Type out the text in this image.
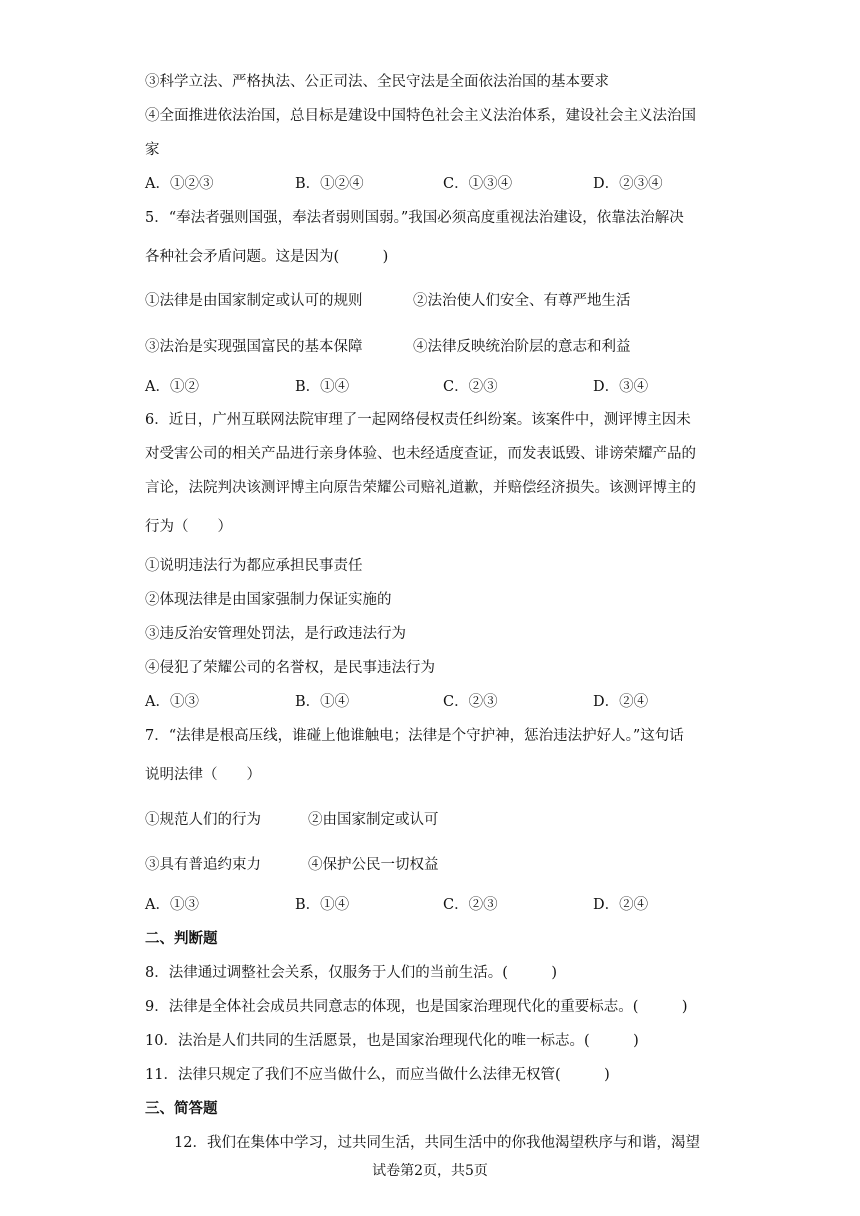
③科学立法、严格执法、公正司法、全民守法是全面依法治国的基本要求
④全面推进依法治国，总目标是建设中国特色社会主义法治体系，建设社会主义法治国
家
A．①②③	B．①②④	C．①③④	D．②③④
5．“奉法者强则国强，奉法者弱则国弱。”我国必须高度重视法治建设，依靠法治解决
各种社会矛盾问题。这是因为(　　　)
①法律是由国家制定或认可的规则	②法治使人们安全、有尊严地生活
③法治是实现强国富民的基本保障	④法律反映统治阶层的意志和利益
A．①②	B．①④	C．②③	D．③④
6．近日，广州互联网法院审理了一起网络侵权责任纠纷案。该案件中，测评博主因未
对受害公司的相关产品进行亲身体验、也未经适度查证，而发表诋毁、诽谤荣耀产品的
言论，法院判决该测评博主向原告荣耀公司赔礼道歉，并赔偿经济损失。该测评博主的
行为（　　）
①说明违法行为都应承担民事责任
②体现法律是由国家强制力保证实施的
③违反治安管理处罚法，是行政违法行为
④侵犯了荣耀公司的名誉权，是民事违法行为
A．①③	B．①④	C．②③	D．②④
7．“法律是根高压线，谁碰上他谁触电；法律是个守护神，惩治违法护好人。”这句话
说明法律（　　）
①规范人们的行为	②由国家制定或认可
③具有普追约束力	④保护公民一切权益
A．①③	B．①④	C．②③	D．②④
二、判断题
8．法律通过调整社会关系，仅服务于人们的当前生活。(　　　)
9．法律是全体社会成员共同意志的体现，也是国家治理现代化的重要标志。(　　　)
10．法治是人们共同的生活愿景，也是国家治理现代化的唯一标志。(　　　)
11．法律只规定了我们不应当做什么，而应当做什么法律无权管(　　　)
三、简答题
12．我们在集体中学习，过共同生活，共同生活中的你我他渴望秩序与和谐，渴望
试卷第2页，共5页
